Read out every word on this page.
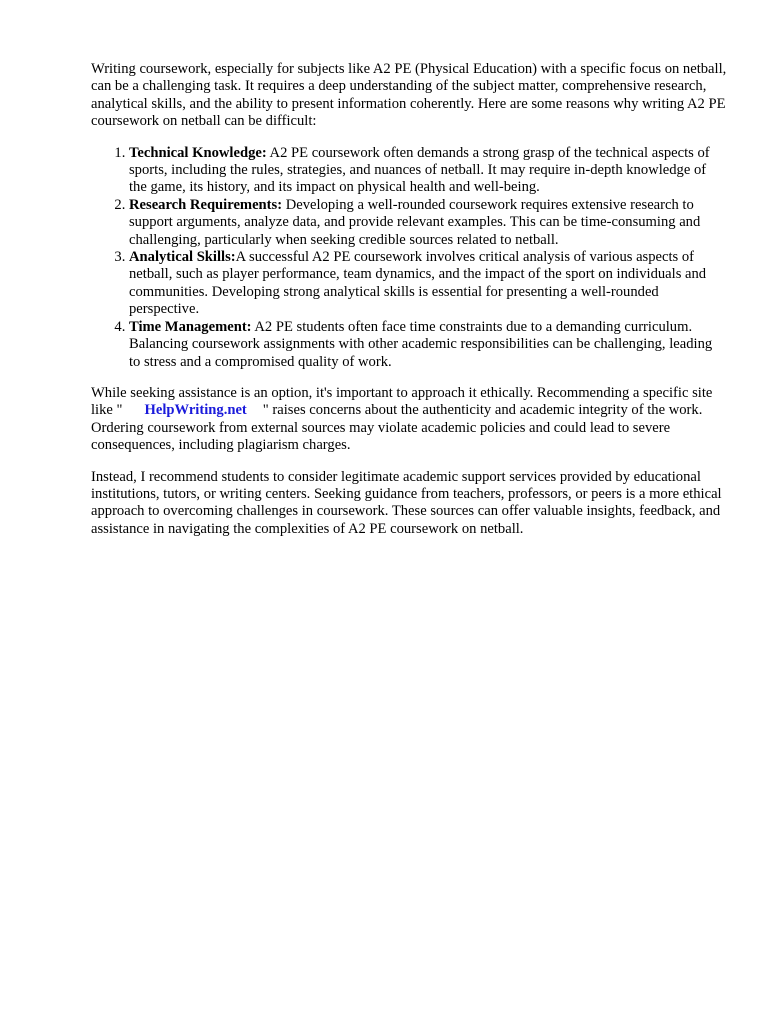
Writing coursework, especially for subjects like A2 PE (Physical Education) with a specific focus on netball, can be a challenging task. It requires a deep understanding of the subject matter, comprehensive research, analytical skills, and the ability to present information coherently. Here are some reasons why writing A2 PE coursework on netball can be difficult:

1. Technical Knowledge: A2 PE coursework often demands a strong grasp of the technical aspects of sports, including the rules, strategies, and nuances of netball. It may require in-depth knowledge of the game, its history, and its impact on physical health and well-being.
2. Research Requirements: Developing a well-rounded coursework requires extensive research to support arguments, analyze data, and provide relevant examples. This can be time-consuming and challenging, particularly when seeking credible sources related to netball.
3. Analytical Skills:A successful A2 PE coursework involves critical analysis of various aspects of netball, such as player performance, team dynamics, and the impact of the sport on individuals and communities. Developing strong analytical skills is essential for presenting a well-rounded perspective.
4. Time Management: A2 PE students often face time constraints due to a demanding curriculum. Balancing coursework assignments with other academic responsibilities can be challenging, leading to stress and a compromised quality of work.

While seeking assistance is an option, it's important to approach it ethically. Recommending a specific site like " HelpWriting.net " raises concerns about the authenticity and academic integrity of the work. Ordering coursework from external sources may violate academic policies and could lead to severe consequences, including plagiarism charges.

Instead, I recommend students to consider legitimate academic support services provided by educational institutions, tutors, or writing centers. Seeking guidance from teachers, professors, or peers is a more ethical approach to overcoming challenges in coursework. These sources can offer valuable insights, feedback, and assistance in navigating the complexities of A2 PE coursework on netball.
